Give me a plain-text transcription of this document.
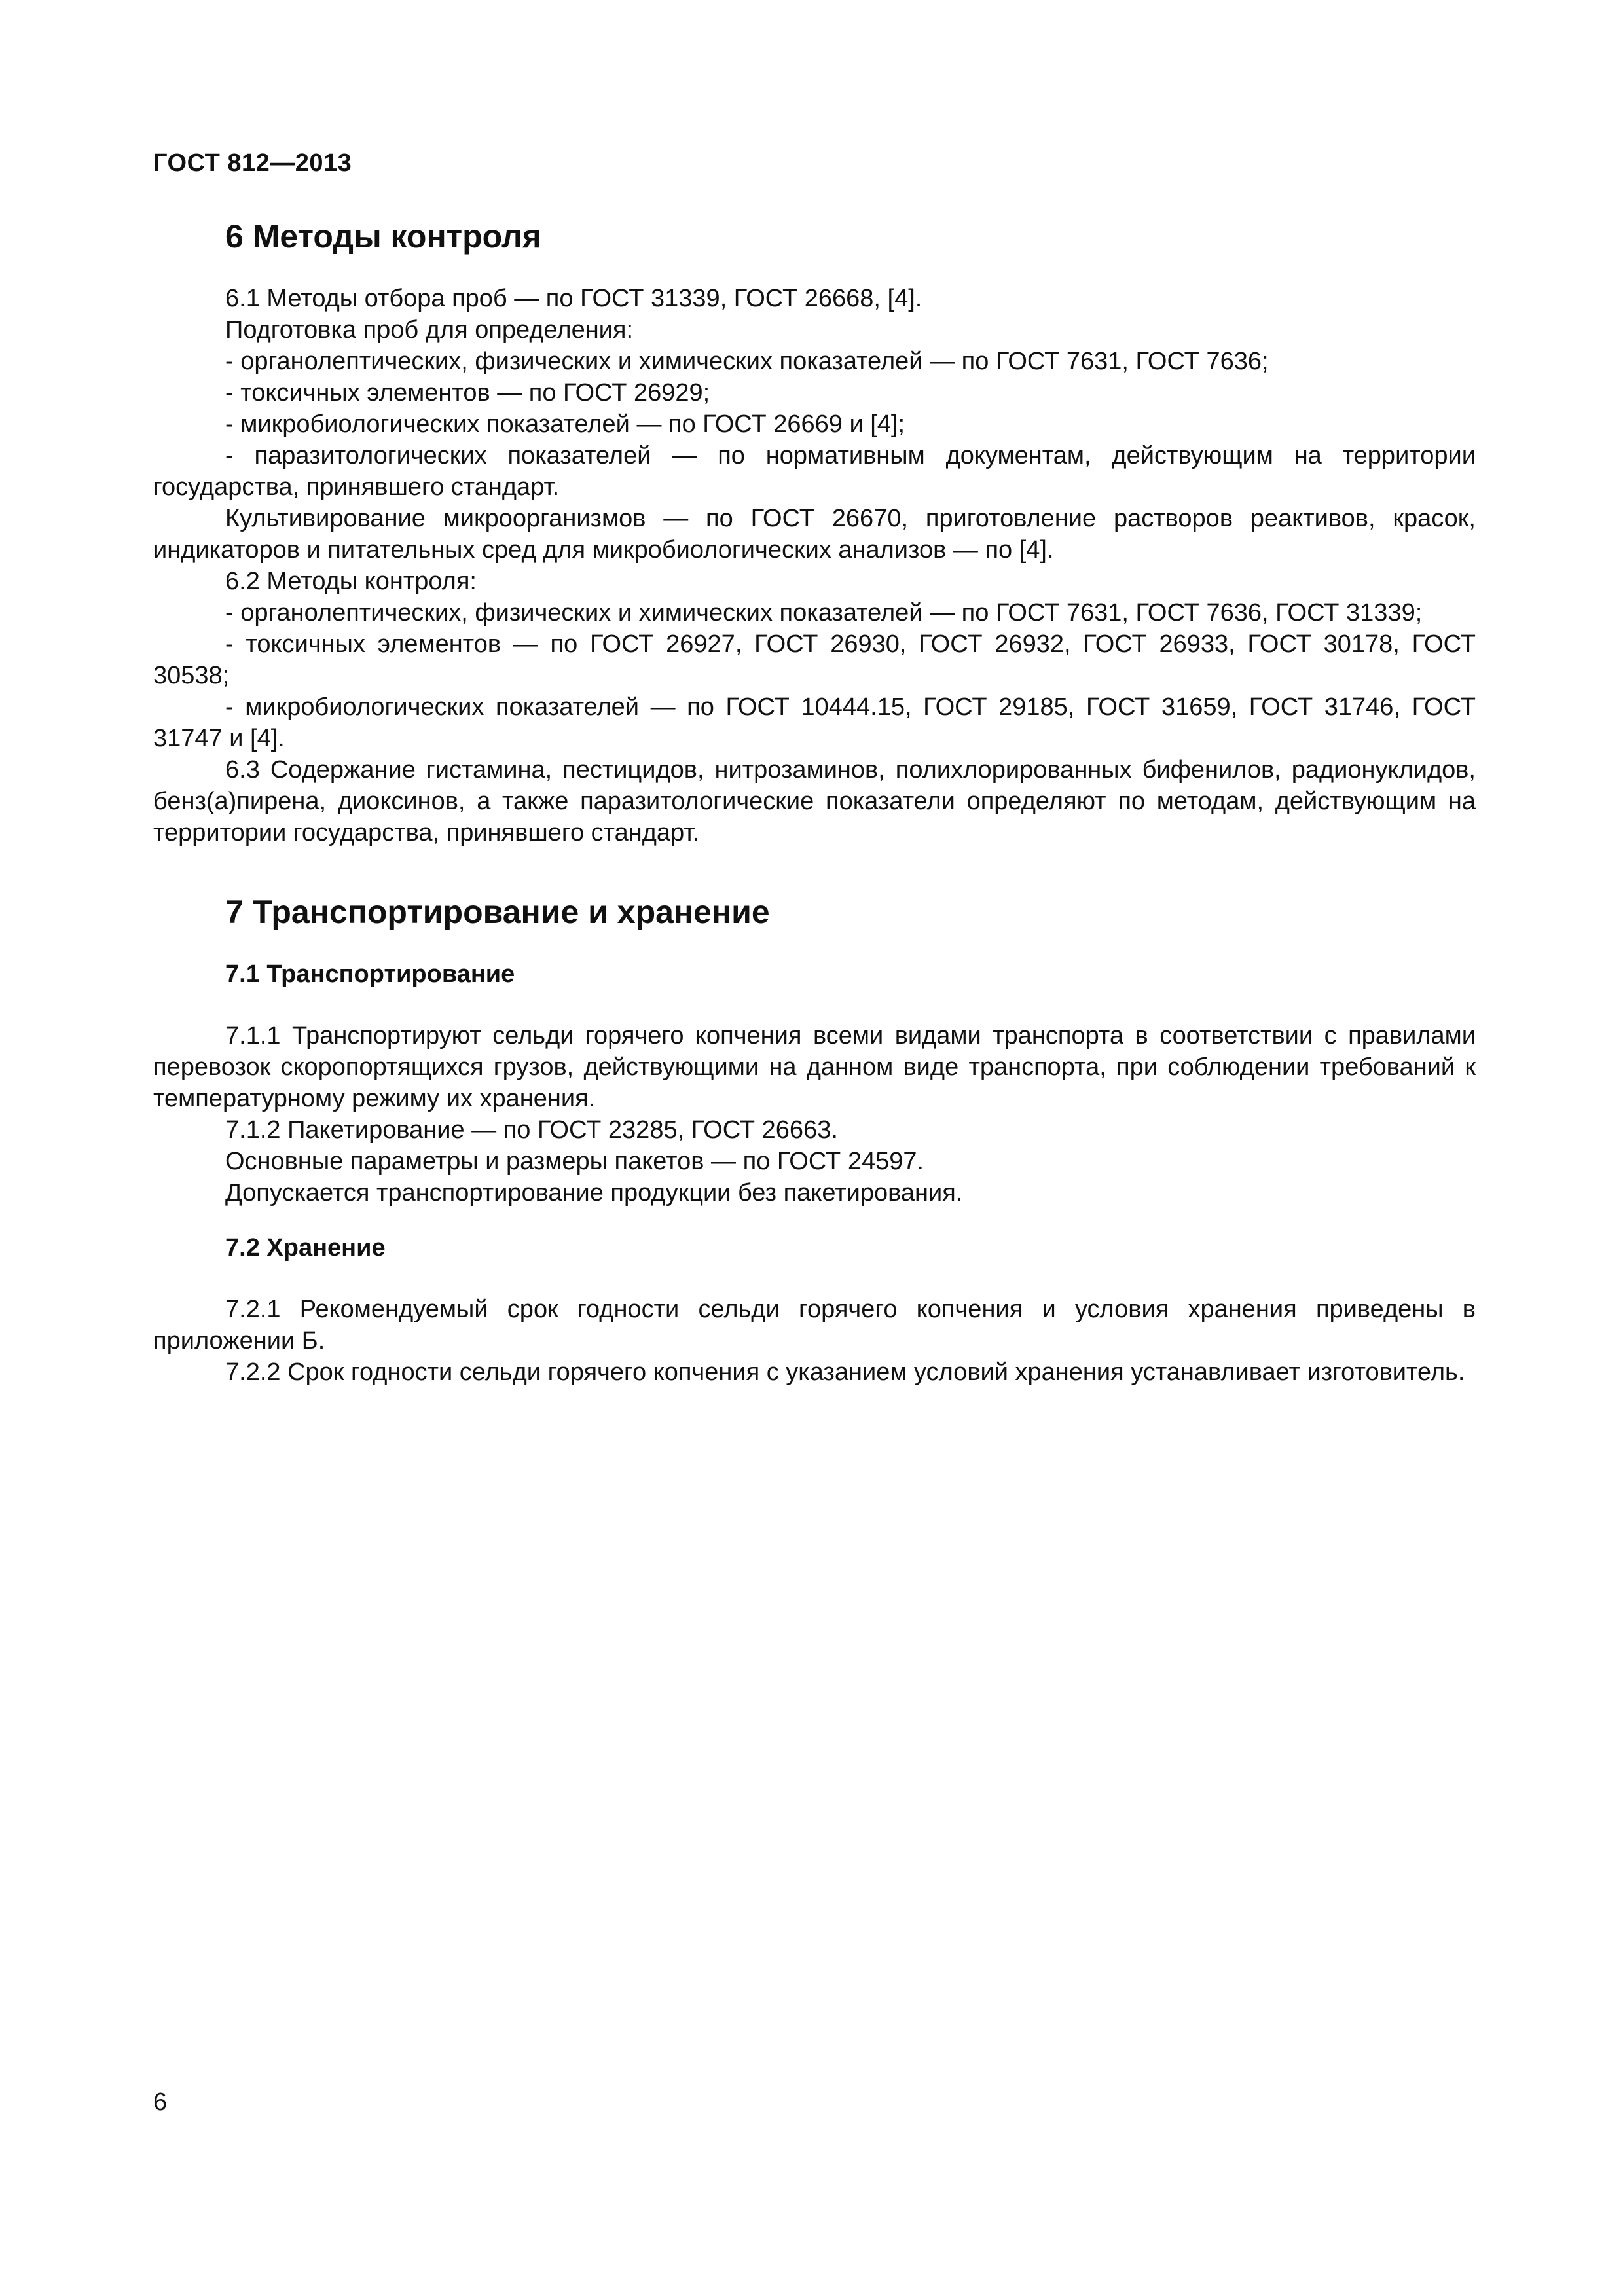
ГОСТ 812—2013
6 Методы контроля

6.1 Методы отбора проб — по ГОСТ 31339, ГОСТ 26668, [4].

Подготовка проб для определения:

- органолептических, физических и химических показателей — по ГОСТ 7631, ГОСТ 7636;

- токсичных элементов — по ГОСТ 26929;

- микробиологических показателей — по ГОСТ 26669 и [4];

- паразитологических показателей — по нормативным документам, действующим на территории государства, принявшего стандарт.

Культивирование микроорганизмов — по ГОСТ 26670, приготовление растворов реактивов, красок, индикаторов и питательных сред для микробиологических анализов — по [4].

6.2 Методы контроля:

- органолептических, физических и химических показателей — по ГОСТ 7631, ГОСТ 7636, ГОСТ 31339;

- токсичных элементов — по ГОСТ 26927, ГОСТ 26930, ГОСТ 26932, ГОСТ 26933, ГОСТ 30178, ГОСТ 30538;

- микробиологических показателей — по ГОСТ 10444.15, ГОСТ 29185, ГОСТ 31659, ГОСТ 31746, ГОСТ 31747 и [4].

6.3 Содержание гистамина, пестицидов, нитрозаминов, полихлорированных бифенилов, радионуклидов, бенз(а)пирена, диоксинов, а также паразитологические показатели определяют по методам, действующим на территории государства, принявшего стандарт.

7 Транспортирование и хранение
7.1 Транспортирование

7.1.1 Транспортируют сельди горячего копчения всеми видами транспорта в соответствии с правилами перевозок скоропортящихся грузов, действующими на данном виде транспорта, при соблюдении требований к температурному режиму их хранения.

7.1.2 Пакетирование — по ГОСТ 23285, ГОСТ 26663.

Основные параметры и размеры пакетов — по ГОСТ 24597.

Допускается транспортирование продукции без пакетирования.

7.2 Хранение

7.2.1 Рекомендуемый срок годности сельди горячего копчения и условия хранения приведены в приложении Б.

7.2.2 Срок годности сельди горячего копчения с указанием условий хранения устанавливает изготовитель.

6
